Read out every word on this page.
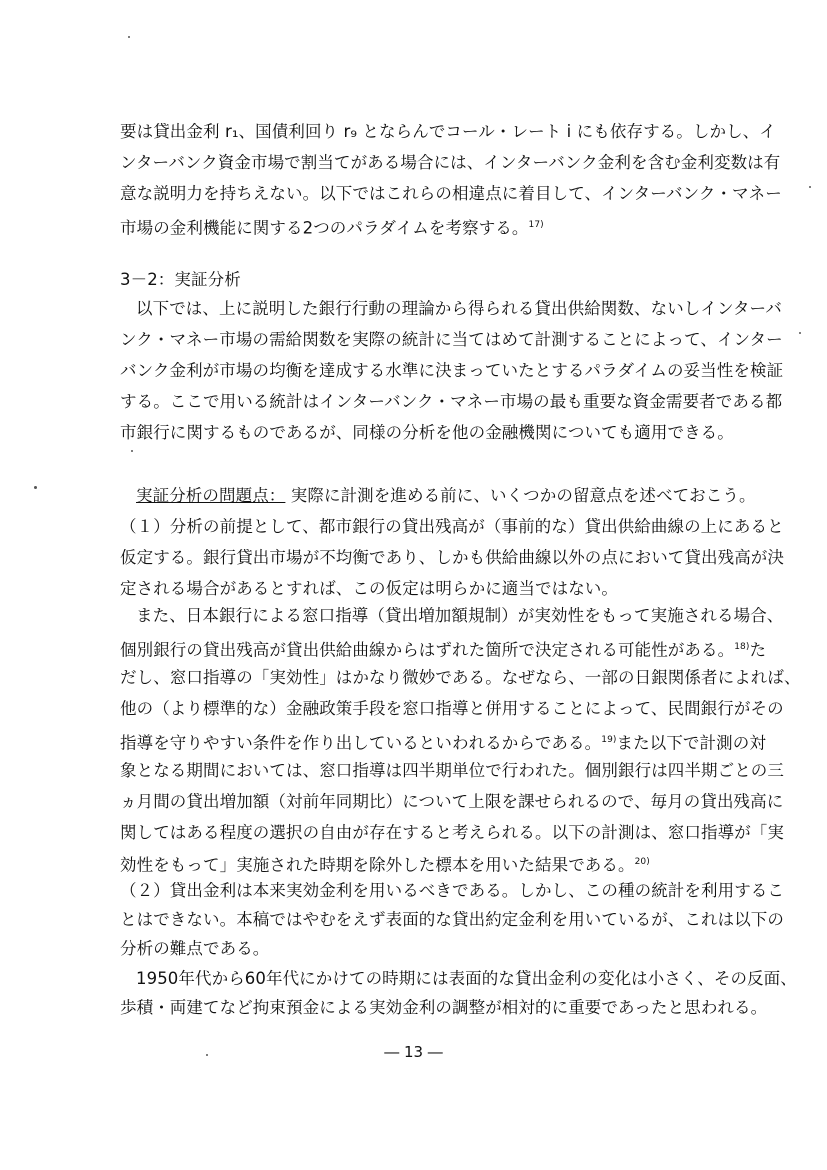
要は貸出金利 r₁、国債利回り r₉ とならんでコール・レート i にも依存する。しかし、イ
ンターバンク資金市場で割当てがある場合には、インターバンク金利を含む金利変数は有
意な説明力を持ちえない。以下ではこれらの相違点に着目して、インターバンク・マネー
市場の金利機能に関する2つのパラダイムを考察する。$^{17)}$
3－2：実証分析
以下では、上に説明した銀行行動の理論から得られる貸出供給関数、ないしインターバ
ンク・マネー市場の需給関数を実際の統計に当てはめて計測することによって、インター
バンク金利が市場の均衡を達成する水準に決まっていたとするパラダイムの妥当性を検証
する。ここで用いる統計はインターバンク・マネー市場の最も重要な資金需要者である都
市銀行に関するものであるが、同様の分析を他の金融機関についても適用できる。
実証分析の問題点： 実際に計測を進める前に、いくつかの留意点を述べておこう。
（１）分析の前提として、都市銀行の貸出残高が（事前的な）貸出供給曲線の上にあると
仮定する。銀行貸出市場が不均衡であり、しかも供給曲線以外の点において貸出残高が決
定される場合があるとすれば、この仮定は明らかに適当ではない。
また、日本銀行による窓口指導（貸出増加額規制）が実効性をもって実施される場合、
個別銀行の貸出残高が貸出供給曲線からはずれた箇所で決定される可能性がある。$^{18)}$た
だし、窓口指導の「実効性」はかなり微妙である。なぜなら、一部の日銀関係者によれば、
他の（より標準的な）金融政策手段を窓口指導と併用することによって、民間銀行がその
指導を守りやすい条件を作り出しているといわれるからである。$^{19)}$また以下で計測の対
象となる期間においては、窓口指導は四半期単位で行われた。個別銀行は四半期ごとの三
ヵ月間の貸出増加額（対前年同期比）について上限を課せられるので、毎月の貸出残高に
関してはある程度の選択の自由が存在すると考えられる。以下の計測は、窓口指導が「実
効性をもって」実施された時期を除外した標本を用いた結果である。$^{20)}$
（２）貸出金利は本来実効金利を用いるべきである。しかし、この種の統計を利用するこ
とはできない。本稿ではやむをえず表面的な貸出約定金利を用いているが、これは以下の
分析の難点である。
1950年代から60年代にかけての時期には表面的な貸出金利の変化は小さく、その反面、
歩積・両建てなど拘束預金による実効金利の調整が相対的に重要であったと思われる。
― 13 ―
